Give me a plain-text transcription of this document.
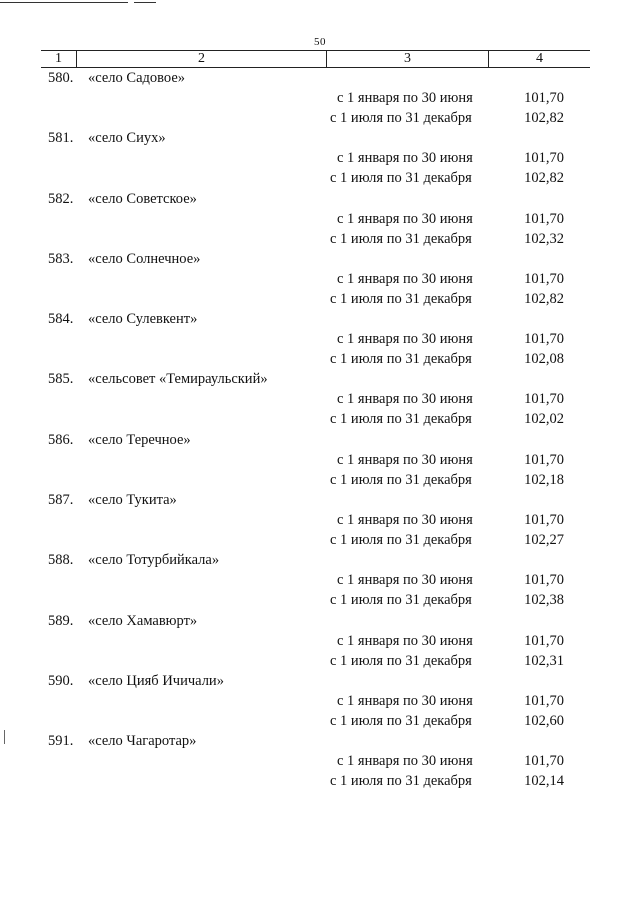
50
1	2	3	4
580.	«село Садовое»
с 1 января по 30 июня	101,70
с 1 июля по 31 декабря	102,82
581.	«село Сиух»
с 1 января по 30 июня	101,70
с 1 июля по 31 декабря	102,82
582.	«село Советское»
с 1 января по 30 июня	101,70
с 1 июля по 31 декабря	102,32
583.	«село Солнечное»
с 1 января по 30 июня	101,70
с 1 июля по 31 декабря	102,82
584.	«село Сулевкент»
с 1 января по 30 июня	101,70
с 1 июля по 31 декабря	102,08
585.	«сельсовет «Темираульский»
с 1 января по 30 июня	101,70
с 1 июля по 31 декабря	102,02
586.	«село Теречное»
с 1 января по 30 июня	101,70
с 1 июля по 31 декабря	102,18
587.	«село Тукита»
с 1 января по 30 июня	101,70
с 1 июля по 31 декабря	102,27
588.	«село Тотурбийкала»
с 1 января по 30 июня	101,70
с 1 июля по 31 декабря	102,38
589.	«село Хамавюрт»
с 1 января по 30 июня	101,70
с 1 июля по 31 декабря	102,31
590.	«село Цияб Ичичали»
с 1 января по 30 июня	101,70
с 1 июля по 31 декабря	102,60
591.	«село Чагаротар»
с 1 января по 30 июня	101,70
с 1 июля по 31 декабря	102,14
